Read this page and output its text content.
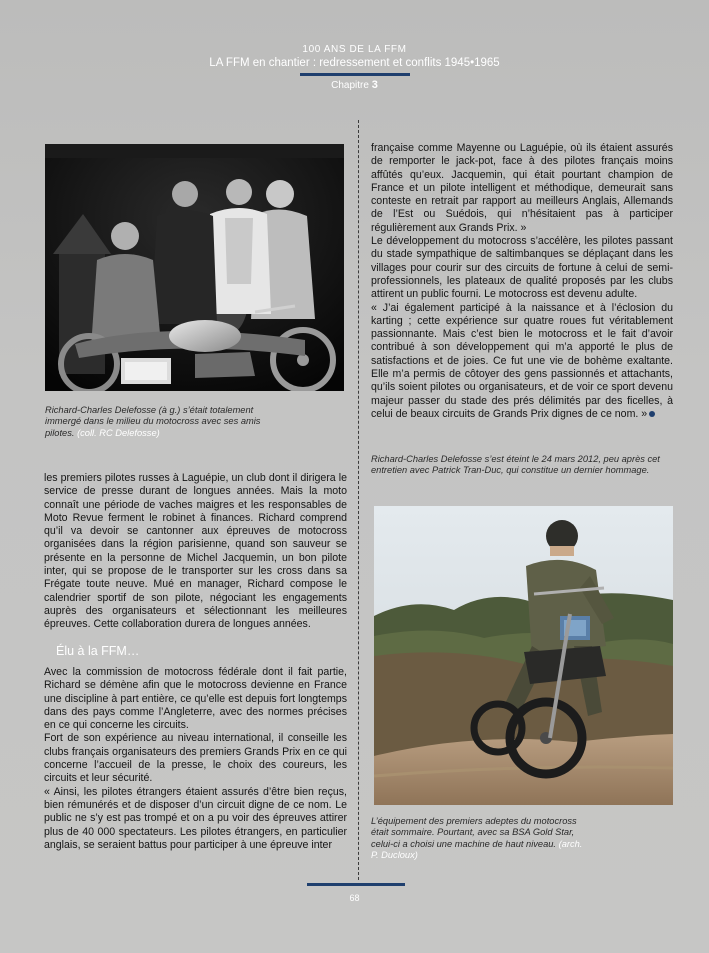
100 ANS DE LA FFM
LA FFM en chantier : redressement et conflits 1945•1965
Chapitre 3
Richard-Charles Delefosse (à g.) s’était totalement immergé dans le milieu du motocross avec ses amis pilotes. (coll. RC Delefosse)

les premiers pilotes russes à Laguépie, un club dont il dirigera le service de presse durant de longues années. Mais la moto connaît une période de vaches maigres et les responsables de Moto Revue ferment le robinet à finances. Richard comprend qu’il va devoir se cantonner aux épreuves de motocross organisées dans la région parisienne, quand son sauveur se présente en la personne de Michel Jacquemin, un bon pilote inter, qui se propose de le transporter sur les cross dans sa Frégate toute neuve. Mué en manager, Richard compose le calendrier sportif de son pilote, négociant les engagements auprès des organisateurs et sélectionnant les meilleures épreuves. Cette collaboration durera de longues années.

Élu à la FFM…

Avec la commission de motocross fédérale dont il fait partie, Richard se démène afin que le motocross devienne en France une discipline à part entière, ce qu’elle est depuis fort longtemps dans des pays comme l’Angleterre, avec des normes précises en ce qui concerne les circuits.

Fort de son expérience au niveau international, il conseille les clubs français organisateurs des premiers Grands Prix en ce qui concerne l’accueil de la presse, le choix des coureurs, les circuits et leur sécurité.

« Ainsi, les pilotes étrangers étaient assurés d’être bien reçus, bien rémunérés et de disposer d’un circuit digne de ce nom. Le public ne s’y est pas trompé et on a pu voir des épreuves attirer plus de 40 000 spectateurs. Les pilotes étrangers, en particulier anglais, se seraient battus pour participer à une épreuve inter

française comme Mayenne ou Laguépie, où ils étaient assurés de remporter le jack-pot, face à des pilotes français moins affûtés qu’eux. Jacquemin, qui était pourtant champion de France et un pilote intelligent et méthodique, demeurait sans conteste en retrait par rapport au meilleurs Anglais, Allemands de l’Est ou Suédois, qui n’hésitaient pas à participer régulièrement aux Grands Prix. »

Le développement du motocross s’accélère, les pilotes passant du stade sympathique de saltimbanques se déplaçant dans les villages pour courir sur des circuits de fortune à celui de semi-professionnels, les plateaux de qualité proposés par les clubs attirent un public fourni. Le motocross est devenu adulte.

« J’ai également participé à la naissance et à l’éclosion du karting ; cette expérience sur quatre roues fut véritablement passionnante. Mais c’est bien le motocross et le fait d’avoir contribué à son développement qui m’a apporté le plus de satisfactions et de joies. Ce fut une vie de bohème exaltante. Elle m’a permis de côtoyer des gens passionnés et attachants, qu’ils soient pilotes ou organisateurs, et de voir ce sport devenu majeur passer du stade des prés délimités par des ficelles, à celui de beaux circuits de Grands Prix dignes de ce nom. »

Richard-Charles Delefosse s’est éteint le 24 mars 2012, peu après cet entretien avec Patrick Tran-Duc, qui constitue un dernier hommage.
L’équipement des premiers adeptes du motocross était sommaire. Pourtant, avec sa BSA Gold Star, celui-ci a choisi une machine de haut niveau. (arch. P. Ducloux)
68
